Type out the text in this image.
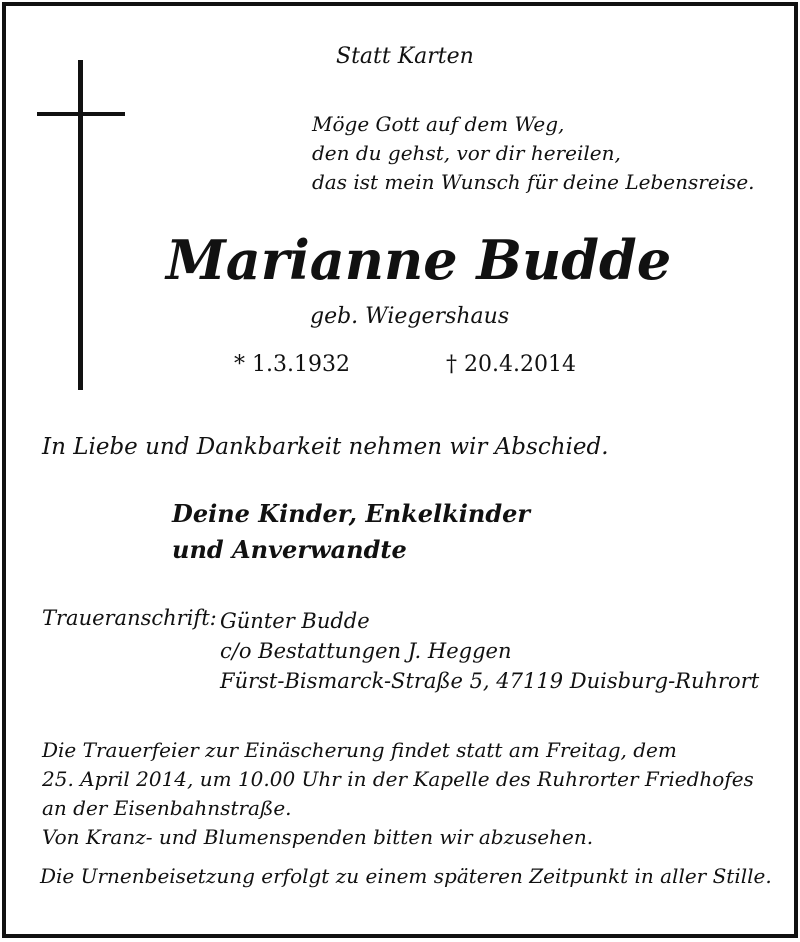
Statt Karten
Möge Gott auf dem Weg,
den du gehst, vor dir hereilen,
das ist mein Wunsch für deine Lebensreise.
Marianne Budde
geb. Wiegershaus
* 1.3.1932	† 20.4.2014
In Liebe und Dankbarkeit nehmen wir Abschied.
Deine Kinder, Enkelkinder
und Anverwandte
Traueranschrift: Günter Budde
c/o Bestattungen J. Heggen
Fürst-Bismarck-Straße 5, 47119 Duisburg-Ruhrort
Die Trauerfeier zur Einäscherung findet statt am Freitag, dem
25. April 2014, um 10.00 Uhr in der Kapelle des Ruhrorter Friedhofes
an der Eisenbahnstraße.
Von Kranz- und Blumenspenden bitten wir abzusehen.
Die Urnenbeisetzung erfolgt zu einem späteren Zeitpunkt in aller Stille.
